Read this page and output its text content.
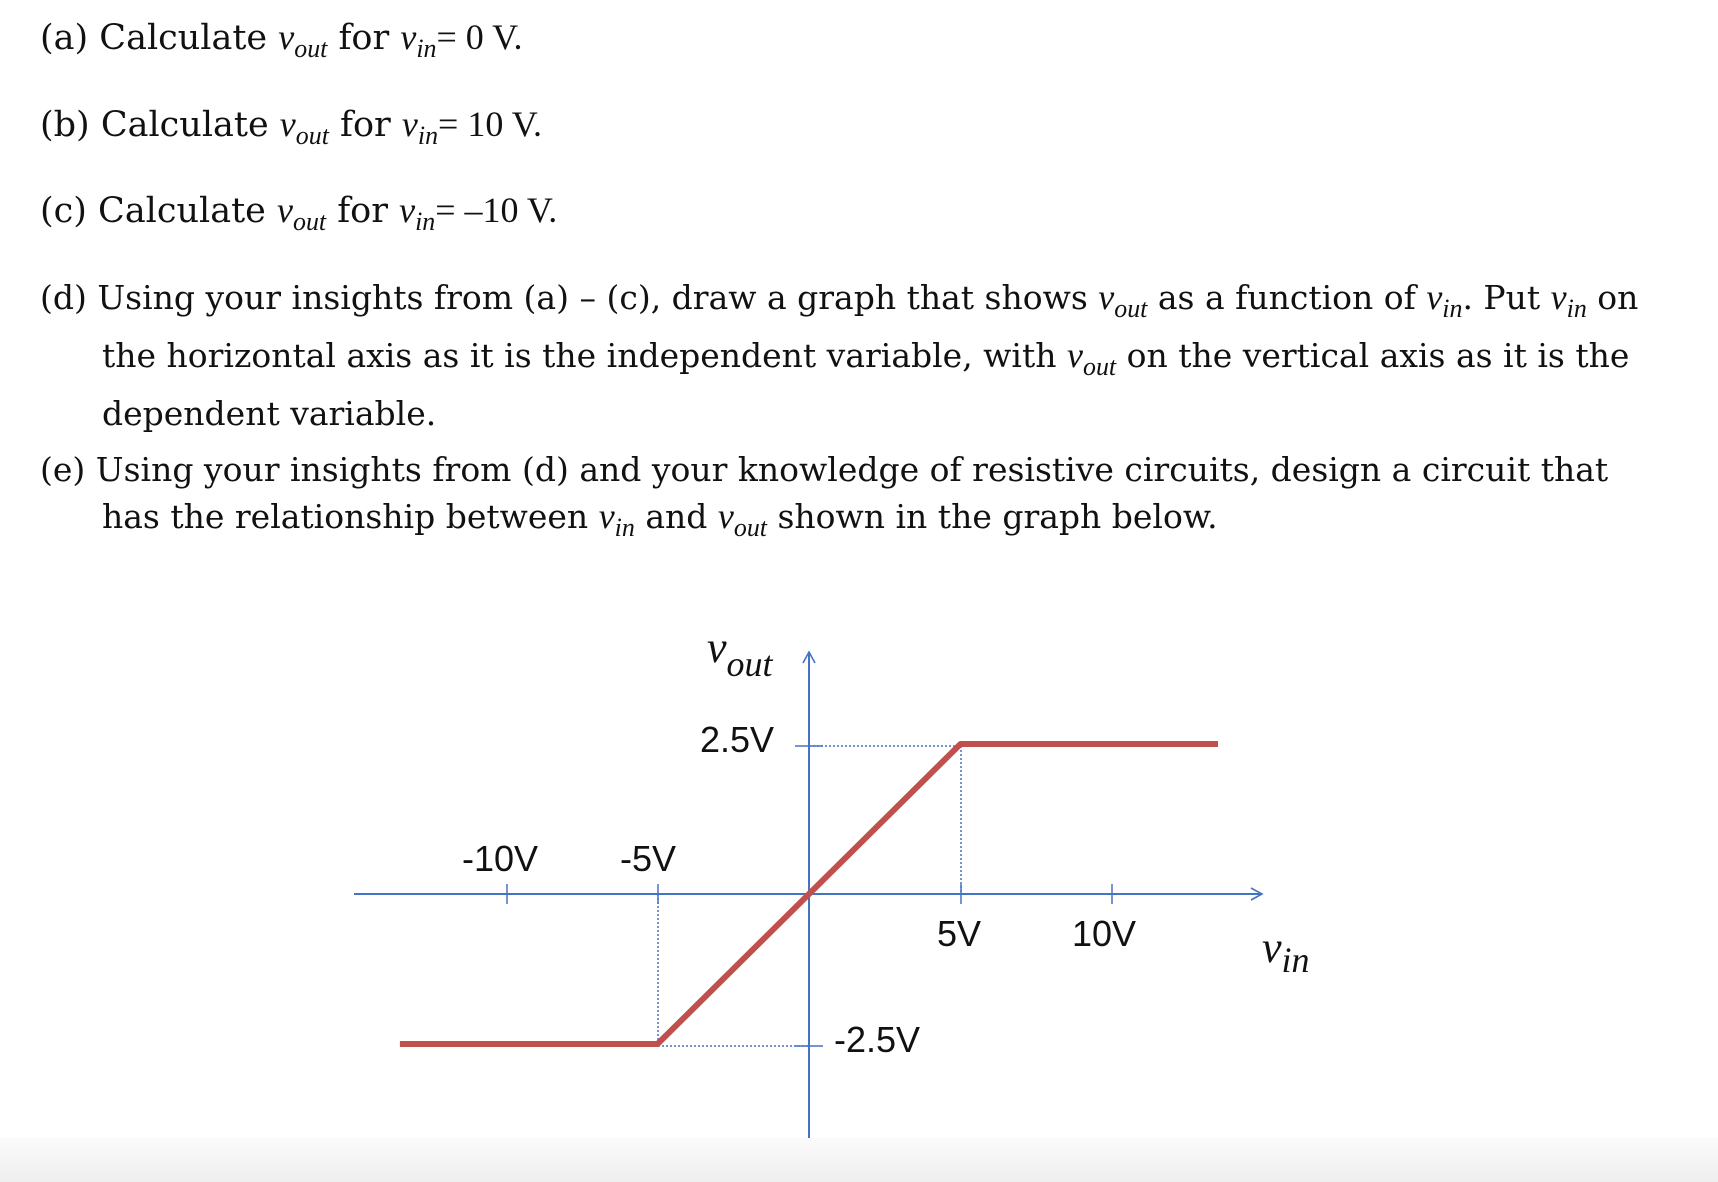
(a) Calculate $v_{out}$ for $v_{in}= 0$ V.

(b) Calculate $v_{out}$ for $v_{in}= 10$ V.

(c) Calculate $v_{out}$ for $v_{in}= -10$ V.

(d) Using your insights from (a) – (c), draw a graph that shows $v_{out}$ as a function of $v_{in}$. Put $v_{in}$ on
the horizontal axis as it is the independent variable, with $v_{out}$ on the vertical axis as it is the
dependent variable.

(e) Using your insights from (d) and your knowledge of resistive circuits, design a circuit that
has the relationship between $v_{in}$ and $v_{out}$ shown in the graph below.

-10V -5V
5V	10V
2.5V
-2.5V
$v_{out}$
$v_{in}$
